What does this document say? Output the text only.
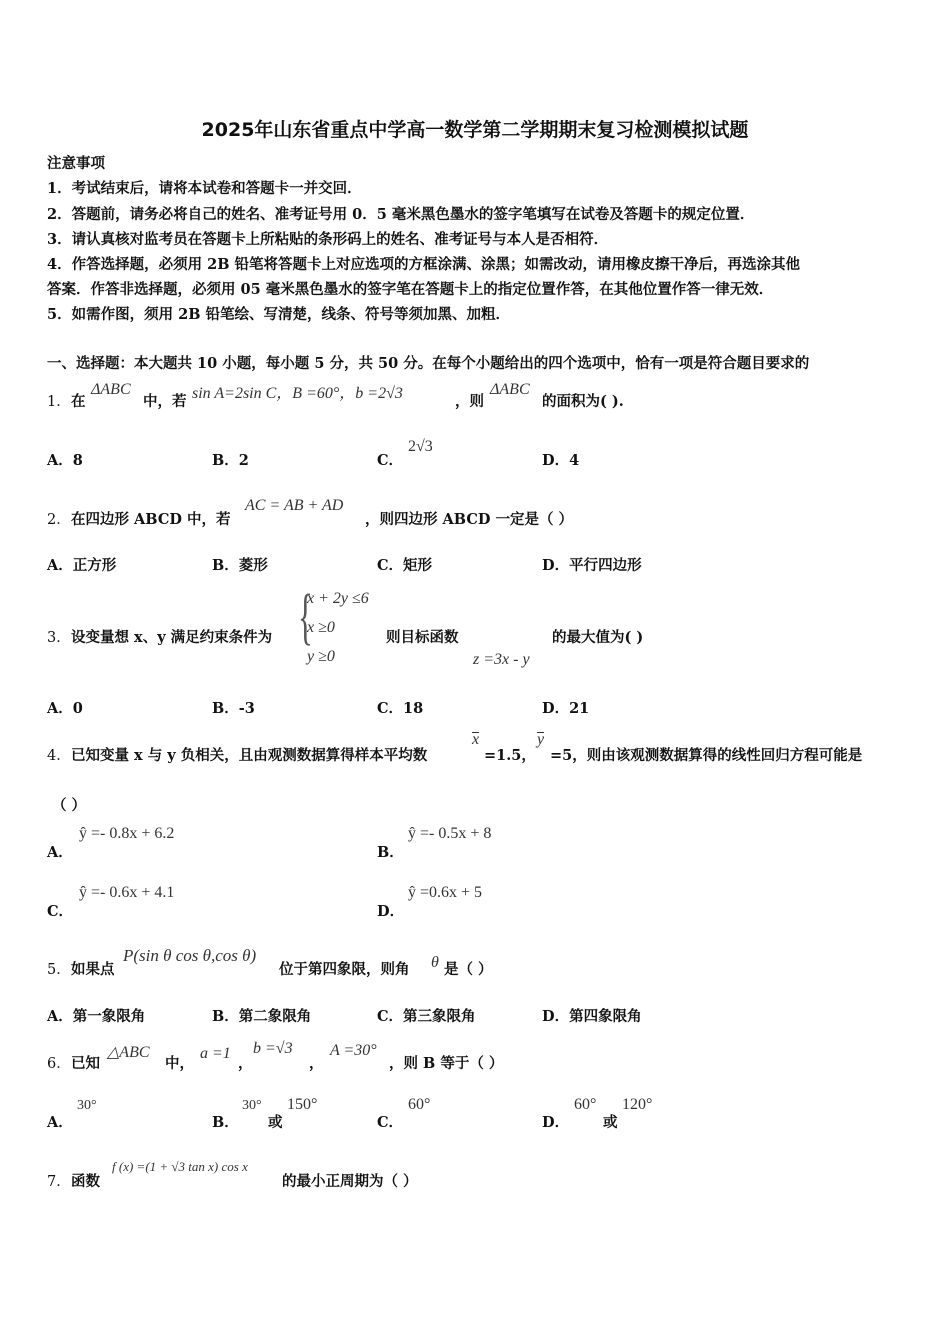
2025年山东省重点中学高一数学第二学期期末复习检测模拟试题
注意事项
1．考试结束后，请将本试卷和答题卡一并交回．
2．答题前，请务必将自己的姓名、准考证号用 0．5 毫米黑色墨水的签字笔填写在试卷及答题卡的规定位置．
3．请认真核对监考员在答题卡上所粘贴的条形码上的姓名、准考证号与本人是否相符．
4．作答选择题，必须用 2B 铅笔将答题卡上对应选项的方框涂满、涂黑；如需改动，请用橡皮擦干净后，再选涂其他
答案．作答非选择题，必须用 05 毫米黑色墨水的签字笔在答题卡上的指定位置作答，在其他位置作答一律无效．
5．如需作图，须用 2B 铅笔绘、写清楚，线条、符号等须加黑、加粗．
一、选择题：本大题共 10 小题，每小题 5 分，共 50 分。在每个小题给出的四个选项中，恰有一项是符合题目要求的
1． 在
ΔABC
中，若 sin A=2sin C，B =60°，b =2√3	，则
ΔABC
的面积为( ).
A．8	B．2	C．
2√3
D．4
2． 在四边形 ABCD 中，若
AC = AB + AD
，则四边形 ABCD 一定是（ ）
A．正方形	B．菱形	C．矩形	D．平行四边形
3． 设变量想 x、y 满足约束条件为 {
x + 2y ≤6
x ≥0
y ≥0
则目标函数
z =3x - y
的最大值为( )
A．0	B．-3	C．18	D．21
4． 已知变量 x 与 y 负相关，且由观测数据算得样本平均数
x
=1.5，
y
=5，则由该观测数据算得的线性回归方程可能是
（ ）
A．
ŷ =- 0.8x + 6.2
B．
ŷ =- 0.5x + 8
C．
ŷ =- 0.6x + 4.1
D．
ŷ =0.6x + 5
5． 如果点
P(sin θ cos θ,cos θ)
位于第四象限，则角 θ 是（ ）
A．第一象限角	B．第二象限角	C．第三象限角	D．第四象限角
6． 已知
△ABC
中，
a =1
，
b =√3
，
A =30°
，则 B 等于（ ）
A．
30°
B．
30°
或
150°
C．
60°
D．
60°
或
120°
7． 函数
f (x) =(1 + √3 tan x) cos x
的最小正周期为（ ）
